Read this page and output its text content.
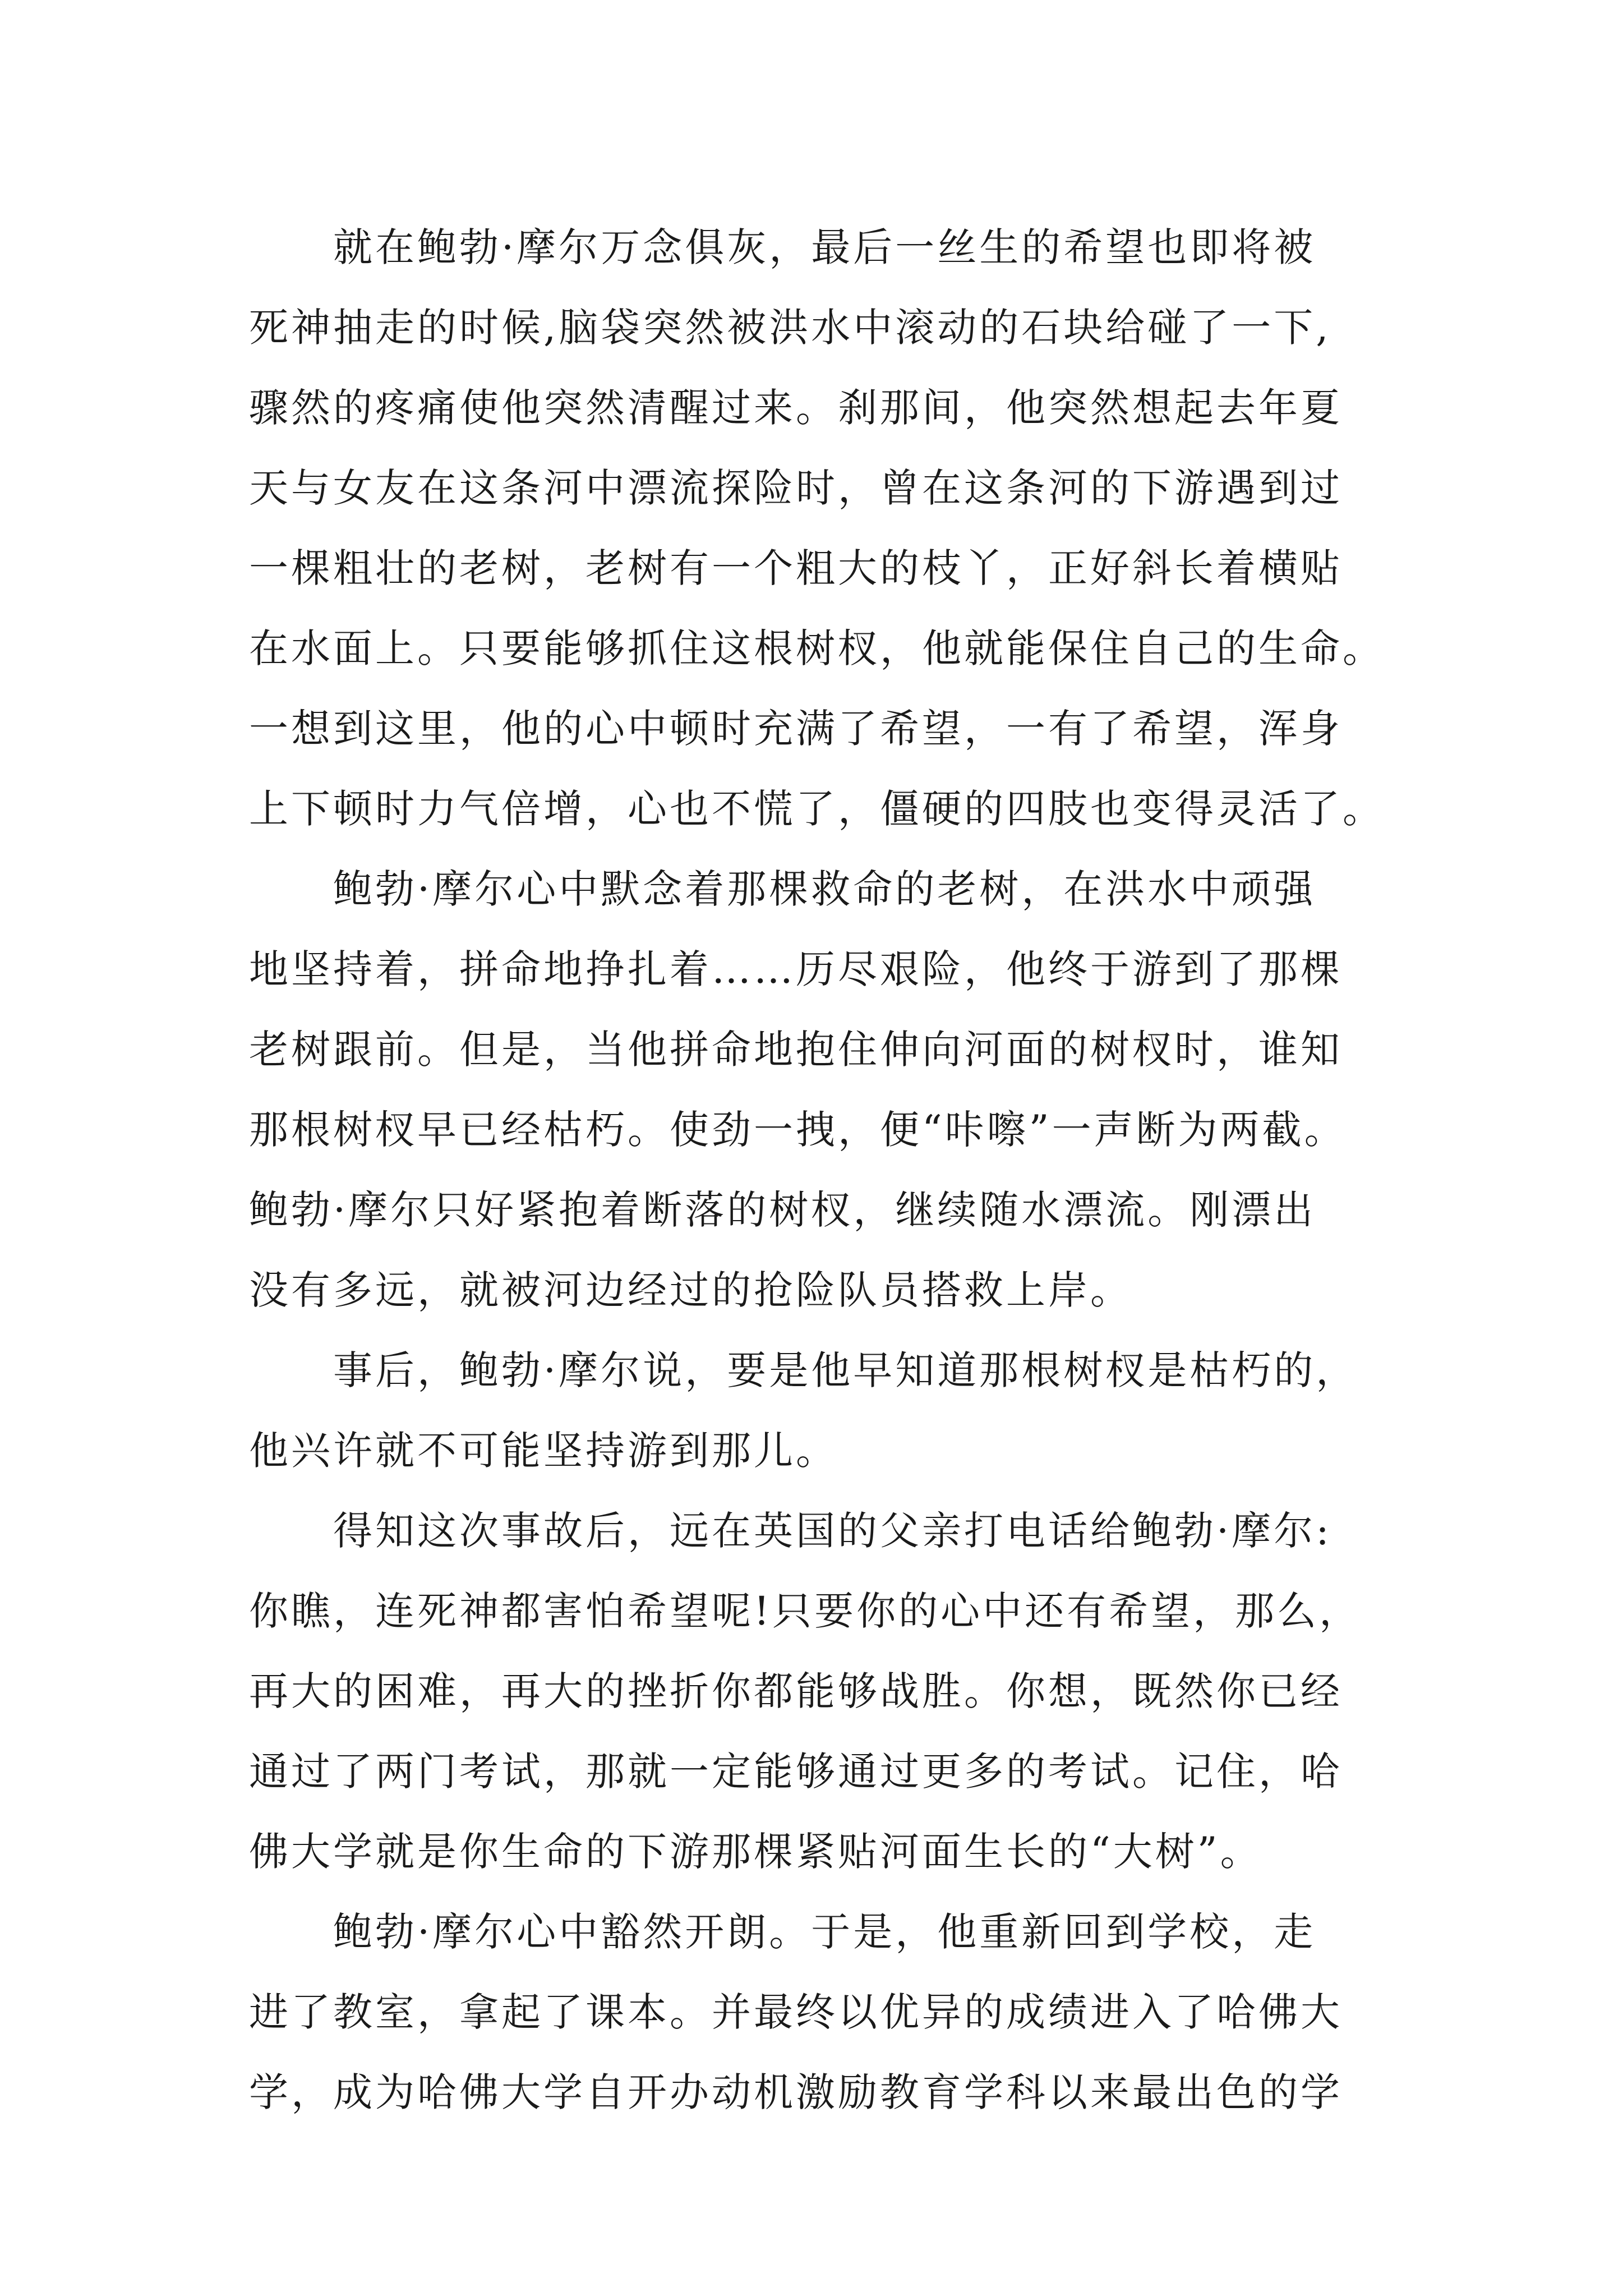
就在鲍勃·摩尔万念俱灰，最后一丝生的希望也即将被
死神抽走的时候,脑袋突然被洪水中滚动的石块给碰了一下,
骤然的疼痛使他突然清醒过来。刹那间，他突然想起去年夏
天与女友在这条河中漂流探险时，曾在这条河的下游遇到过
一棵粗壮的老树，老树有一个粗大的枝丫，正好斜长着横贴
在水面上。只要能够抓住这根树杈，他就能保住自己的生命。
一想到这里，他的心中顿时充满了希望，一有了希望，浑身
上下顿时力气倍增，心也不慌了，僵硬的四肢也变得灵活了。
鲍勃·摩尔心中默念着那棵救命的老树，在洪水中顽强
地坚持着，拼命地挣扎着……历尽艰险，他终于游到了那棵
老树跟前。但是，当他拼命地抱住伸向河面的树杈时，谁知
那根树杈早已经枯朽。使劲一拽，便“咔嚓”一声断为两截。
鲍勃·摩尔只好紧抱着断落的树杈，继续随水漂流。刚漂出
没有多远，就被河边经过的抢险队员搭救上岸。
事后，鲍勃·摩尔说，要是他早知道那根树杈是枯朽的，
他兴许就不可能坚持游到那儿。
得知这次事故后，远在英国的父亲打电话给鲍勃·摩尔:
你瞧，连死神都害怕希望呢!只要你的心中还有希望，那么，
再大的困难，再大的挫折你都能够战胜。你想，既然你已经
通过了两门考试，那就一定能够通过更多的考试。记住，哈
佛大学就是你生命的下游那棵紧贴河面生长的“大树”。
鲍勃·摩尔心中豁然开朗。于是，他重新回到学校，走
进了教室，拿起了课本。并最终以优异的成绩进入了哈佛大
学，成为哈佛大学自开办动机激励教育学科以来最出色的学
